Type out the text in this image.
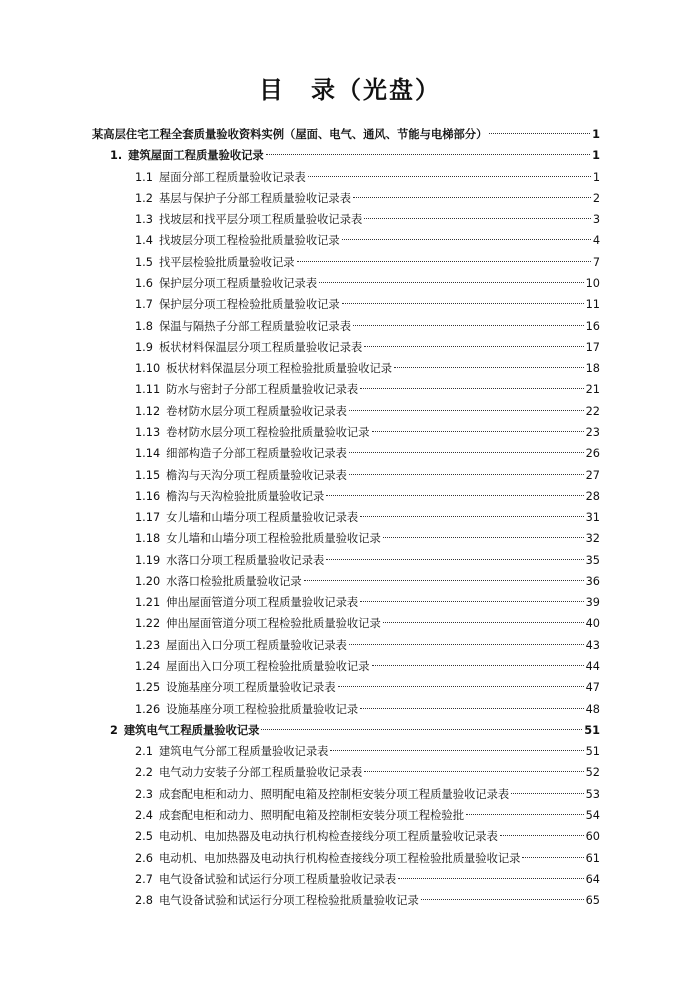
目　录（光盘）
某高层住宅工程全套质量验收资料实例（屋面、电气、通风、节能与电梯部分）	1
1. 建筑屋面工程质量验收记录	1
1.1 屋面分部工程质量验收记录表	1
1.2 基层与保护子分部工程质量验收记录表	2
1.3 找坡层和找平层分项工程质量验收记录表	3
1.4 找坡层分项工程检验批质量验收记录	4
1.5 找平层检验批质量验收记录	7
1.6 保护层分项工程质量验收记录表	10
1.7 保护层分项工程检验批质量验收记录	11
1.8 保温与隔热子分部工程质量验收记录表	16
1.9 板状材料保温层分项工程质量验收记录表	17
1.10 板状材料保温层分项工程检验批质量验收记录	18
1.11 防水与密封子分部工程质量验收记录表	21
1.12 卷材防水层分项工程质量验收记录表	22
1.13 卷材防水层分项工程检验批质量验收记录	23
1.14 细部构造子分部工程质量验收记录表	26
1.15 檐沟与天沟分项工程质量验收记录表	27
1.16 檐沟与天沟检验批质量验收记录	28
1.17 女儿墙和山墙分项工程质量验收记录表	31
1.18 女儿墙和山墙分项工程检验批质量验收记录	32
1.19 水落口分项工程质量验收记录表	35
1.20 水落口检验批质量验收记录	36
1.21 伸出屋面管道分项工程质量验收记录表	39
1.22 伸出屋面管道分项工程检验批质量验收记录	40
1.23 屋面出入口分项工程质量验收记录表	43
1.24 屋面出入口分项工程检验批质量验收记录	44
1.25 设施基座分项工程质量验收记录表	47
1.26 设施基座分项工程检验批质量验收记录	48
2 建筑电气工程质量验收记录	51
2.1 建筑电气分部工程质量验收记录表	51
2.2 电气动力安装子分部工程质量验收记录表	52
2.3 成套配电柜和动力、照明配电箱及控制柜安装分项工程质量验收记录表	53
2.4 成套配电柜和动力、照明配电箱及控制柜安装分项工程检验批	54
2.5 电动机、电加热器及电动执行机构检查接线分项工程质量验收记录表	60
2.6 电动机、电加热器及电动执行机构检查接线分项工程检验批质量验收记录	61
2.7 电气设备试验和试运行分项工程质量验收记录表	64
2.8 电气设备试验和试运行分项工程检验批质量验收记录	65
